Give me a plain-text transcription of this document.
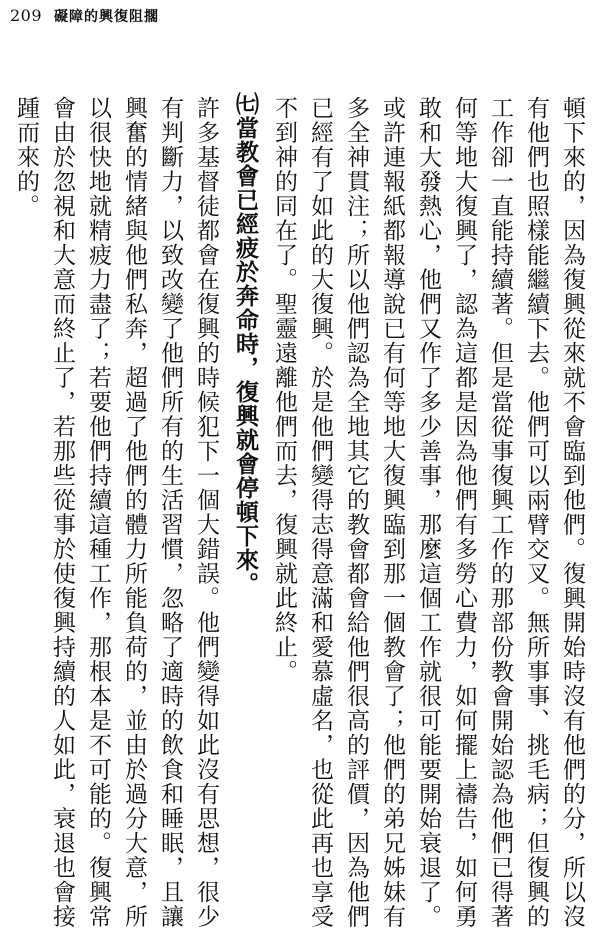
209 礙障的興復阻擱

頓下來的，因為復興從來就不會臨到他們。復興開始時沒有他們的分，所以沒有他們也照樣能繼續下去。他們可以兩臂交叉。無所事事、挑毛病；但復興的工作卻一直能持續著。但是當從事復興工作的那部份教會開始認為他們已得著何等地大復興了，認為這都是因為他們有多勞心費力，如何擺上禱告，如何勇敢和大發熱心，他們又作了多少善事，那麼這個工作就很可能要開始衰退了。或許連報紙都報導說已有何等地大復興臨到那一個教會了；他們的弟兄姊妹有多全神貫注；所以他們認為全地其它的教會都會給他們很高的評價，因為他們已經有了如此的大復興。於是他們變得志得意滿和愛慕虛名，也從此再也享受不到神的同在了。聖靈遠離他們而去，復興就此終止。

㈦當教會已經疲於奔命時，復興就會停頓下來。

許多基督徒都會在復興的時候犯下一個大錯誤。他們變得如此沒有思想，很少有判斷力，以致改變了他們所有的生活習慣，忽略了適時的飲食和睡眠，且讓興奮的情緒與他們私奔，超過了他們的體力所能負荷的，並由於過分大意，所以很快地就精疲力盡了；若要他們持續這種工作，那根本是不可能的。復興常會由於忽視和大意而終止了，若那些從事於使復興持續的人如此，衰退也會接踵而來的。
